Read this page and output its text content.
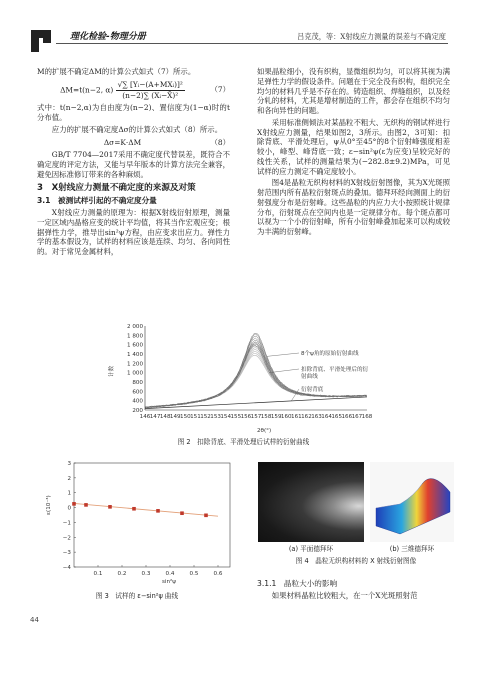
理化检验-物理分册	吕克茂，等：X射线应力测量的误差与不确定度

M的扩展不确定ΔM的计算公式如式（7）所示。

ΔM=t(n−2, $\alpha) \frac{\text{√∑ [Yᵢ−(A+MXᵢ)]²}}{\text{(n−2)∑ (Xᵢ−X̄)²}}$	（7）

式中：t(n−2,α)为自由度为(n−2)、置信度为(1−α)时的t分布值。

应力的扩展不确定度Δσ的计算公式如式（8）所示。

Δσ=K·ΔM	（8）

GB/T 7704—2017采用不确定度代替误差，既符合不确定度的评定方法，又能与早年版本的计算方法完全兼容，避免因标准修订带来的各种麻烦。

3　X射线应力测量不确定度的来源及对策
3.1　被测试样引起的不确定度分量

X射线应力测量的原理为：根据X射线衍射原理，测量一定区域内晶格应变的统计平均值，将其当作宏观应变；根据弹性力学，推导出sin²ψ方程，由应变求出应力。弹性力学的基本假设为，试样的材料应该是连续、均匀、各向同性的。对于常见金属材料，

如果晶粒细小，没有织构，显微组织均匀，可以将其视为满足弹性力学的假设条件。问题在于完全没有织构，组织完全均匀的材料几乎是不存在的。铸造组织、焊缝组织，以及经分轧的材料，尤其是增材制造的工件，都会存在组织不均匀和各向异性的问题。

采用标准侧倾法对某晶粒不粗大、无织构的钢试样进行X射线应力测量，结果如图2，3所示。由图2，3可知：扣除背底、平滑处理后，ψ从0°至45°的8个衍射峰强度相差较小，峰型、峰背底一致；ε−sin²ψ(ε为应变)呈较完好的线性关系，试样的测量结果为(−282.8±9.2)MPa，可见试样的应力测定不确定度较小。

图4是晶粒无织构材料的X射线衍射图像，其为X光斑照射范围内所有晶粒衍射斑点的叠加。德拜环经向测面上的衍射强度分布是衍射峰。这些晶粒的内应力大小按照统计规律分布，衍射斑点在空间内也是一定规律分布。每个斑点都可以视为一个小的衍射峰，所有小衍射峰叠加起来可以构成较为丰满的衍射峰。

2 000
1 800
1 600
1 400
1 200
1 000
800
600
400
200
146 147 148 149 150 151 152 153 154 155 156 157 158 159 160 161 162 163 164 165 166 167 168
计数
2θ(°)
8个ψ角的原始衍射曲线
扣除背底、平滑处理后的衍射曲线
衍射背底
图 2　扣除背底、平滑处理后试样的衍射曲线
−4
−3
−2
−1
0
1
2
3
0.1	0.2	0.3	0.4	0.5	0.6
ε(10⁻³)
sin²ψ
图 3　试样的 ε−sin²ψ 曲线
(a) 平面德拜环	(b) 三维德拜环
图 4　晶粒无织构材料的 X 射线衍射图像
3.1.1　晶粒大小的影响

如果材料晶粒比较粗大，在一个X光斑照射范

44
